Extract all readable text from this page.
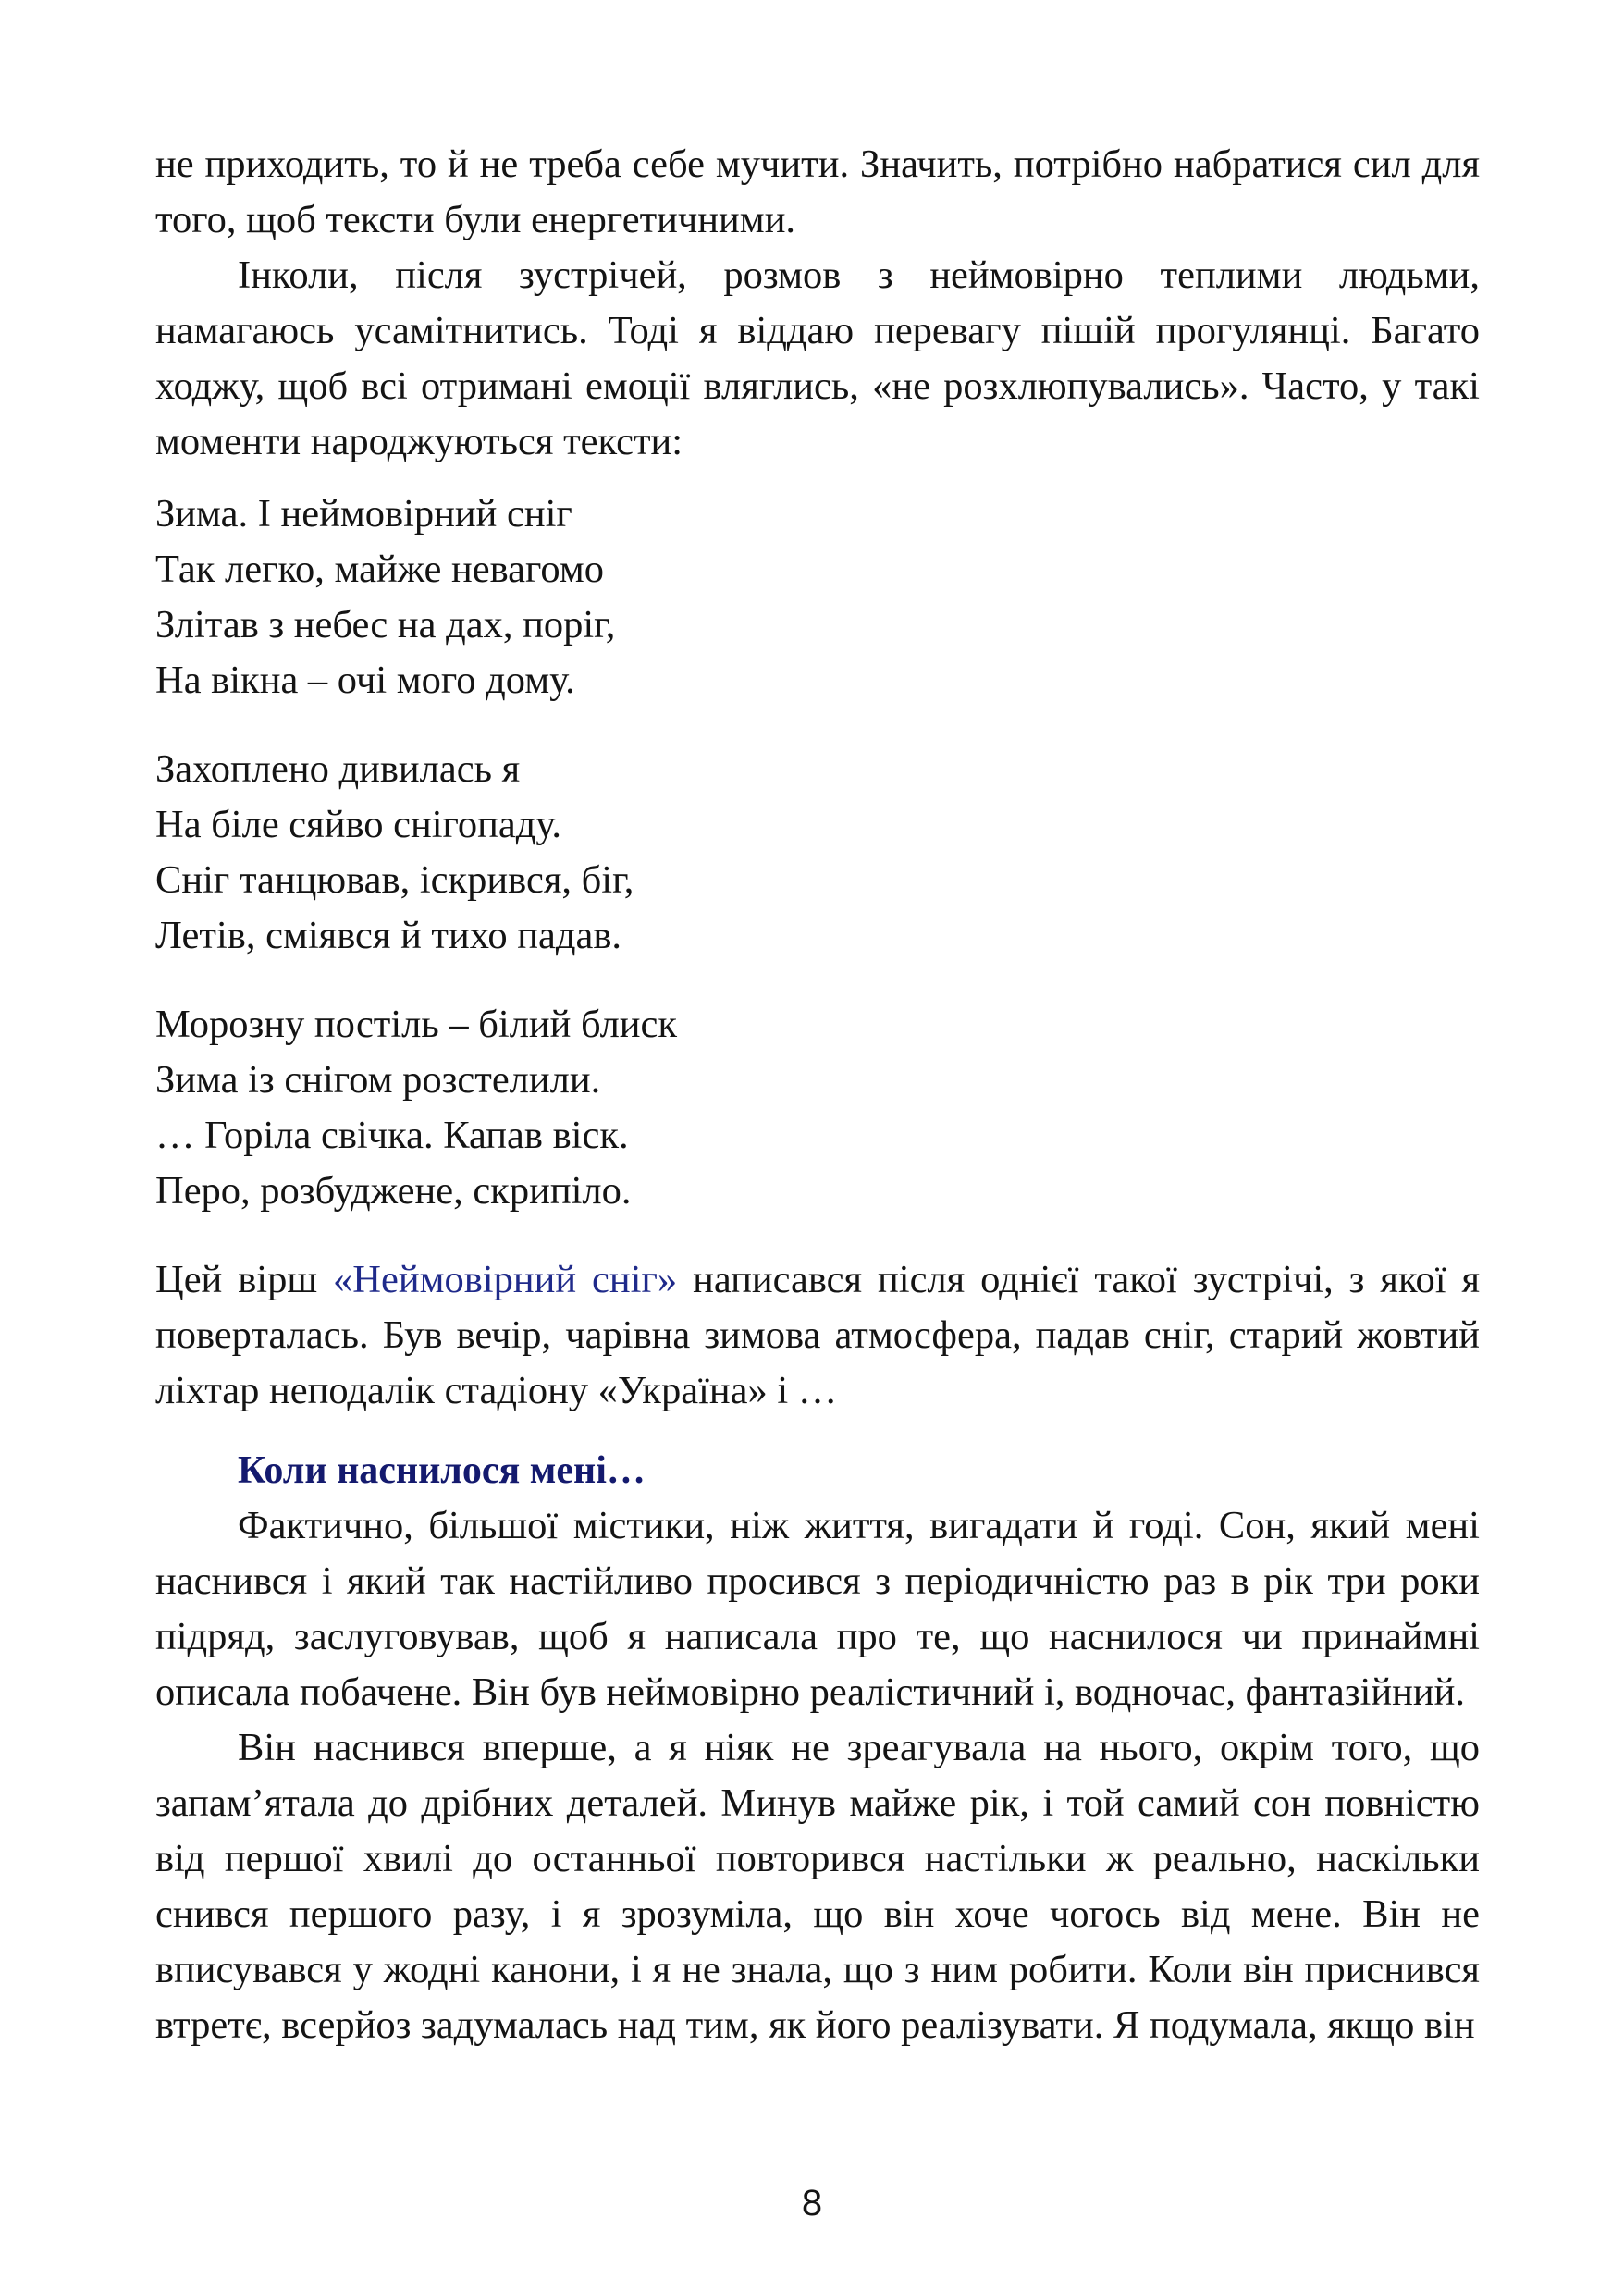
не приходить, то й не треба себе мучити. Значить, потрібно набратися сил для того, щоб тексти були енергетичними.

Інколи, після зустрічей, розмов з неймовірно теплими людьми, намагаюсь усамітнитись. Тоді я віддаю перевагу пішій прогулянці. Багато ходжу, щоб всі отримані емоції вляглись, «не розхлюпувались». Часто, у такі моменти народжуються тексти:

Зима. І неймовірний сніг
Так легко, майже невагомо
Злітав з небес на дах, поріг,
На вікна – очі мого дому.
Захоплено дивилась я
На біле сяйво снігопаду.
Сніг танцював, іскрився, біг,
Летів, сміявся й тихо падав.
Морозну постіль – білий блиск
Зима із снігом розстелили.
… Горіла свічка. Капав віск.
Перо, розбуджене, скрипіло.

Цей вірш «Неймовірний сніг» написався після однієї такої зустрічі, з якої я поверталась. Був вечір, чарівна зимова атмосфера, падав сніг, старий жовтий ліхтар неподалік стадіону «Україна» і …

Коли наснилося мені…

Фактично, більшої містики, ніж життя, вигадати й годі. Сон, який мені наснився і який так настійливо просився з періодичністю раз в рік три роки підряд, заслуговував, щоб я написала про те, що наснилося чи принаймні описала побачене. Він був неймовірно реалістичний і, водночас, фантазійний.

Він наснився вперше, а я ніяк не зреагувала на нього, окрім того, що запам’ятала до дрібних деталей. Минув майже рік, і той самий сон повністю від першої хвилі до останньої повторився настільки ж реально, наскільки снився першого разу, і я зрозуміла, що він хоче чогось від мене. Він не вписувався у жодні канони, і я не знала, що з ним робити. Коли він приснився втретє, всерйоз задумалась над тим, як його реалізувати. Я подумала, якщо він

8
